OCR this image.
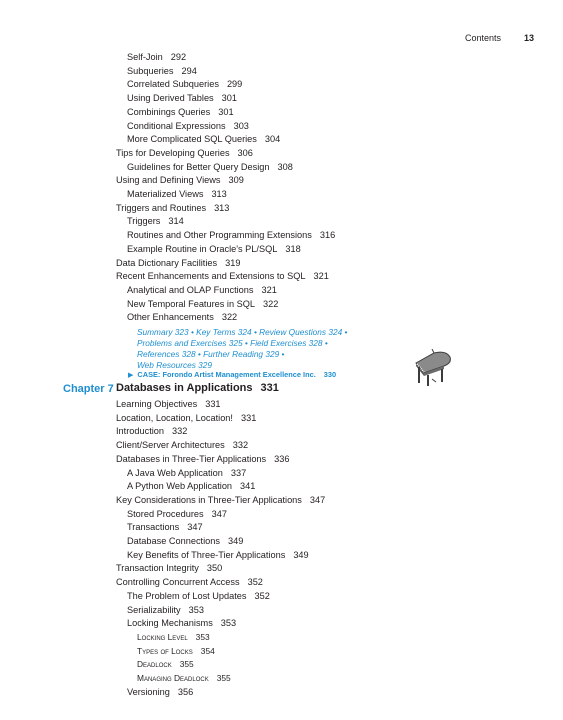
Contents	13
Self-Join 292
Subqueries 294
Correlated Subqueries 299
Using Derived Tables 301
Combinings Queries 301
Conditional Expressions 303
More Complicated SQL Queries 304
Tips for Developing Queries 306
Guidelines for Better Query Design 308
Using and Defining Views 309
Materialized Views 313
Triggers and Routines 313
Triggers 314
Routines and Other Programming Extensions 316
Example Routine in Oracle's PL/SQL 318
Data Dictionary Facilities 319
Recent Enhancements and Extensions to SQL 321
Analytical and OLAP Functions 321
New Temporal Features in SQL 322
Other Enhancements 322
Summary 323 • Key Terms 324 • Review Questions 324 •
Problems and Exercises 325 • Field Exercises 328 •
References 328 • Further Reading 329 •
Web Resources 329
▶ CASE: Forondo Artist Management Excellence Inc. 330
Chapter 7 Databases in Applications 331
Learning Objectives 331
Location, Location, Location! 331
Introduction 332
Client/Server Architectures 332
Databases in Three-Tier Applications 336
A Java Web Application 337
A Python Web Application 341
Key Considerations in Three-Tier Applications 347
Stored Procedures 347
Transactions 347
Database Connections 349
Key Benefits of Three-Tier Applications 349
Transaction Integrity 350
Controlling Concurrent Access 352
The Problem of Lost Updates 352
Serializability 353
Locking Mechanisms 353
Locking Level 353
Types of Locks 354
Deadlock 355
Managing Deadlock 355
Versioning 356
